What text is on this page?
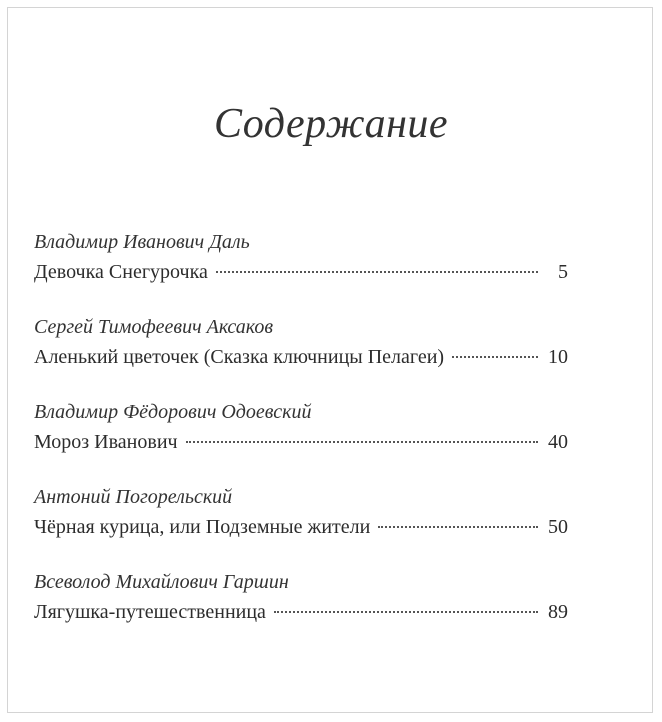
Содержание
Владимир Иванович Даль
Девочка Снегурочка	5
Сергей Тимофеевич Аксаков
Аленький цветочек (Сказка ключницы Пелагеи)	10
Владимир Фёдорович Одоевский
Мороз Иванович	40
Антоний Погорельский
Чёрная курица, или Подземные жители	50
Всеволод Михайлович Гаршин
Лягушка-путешественница	89
